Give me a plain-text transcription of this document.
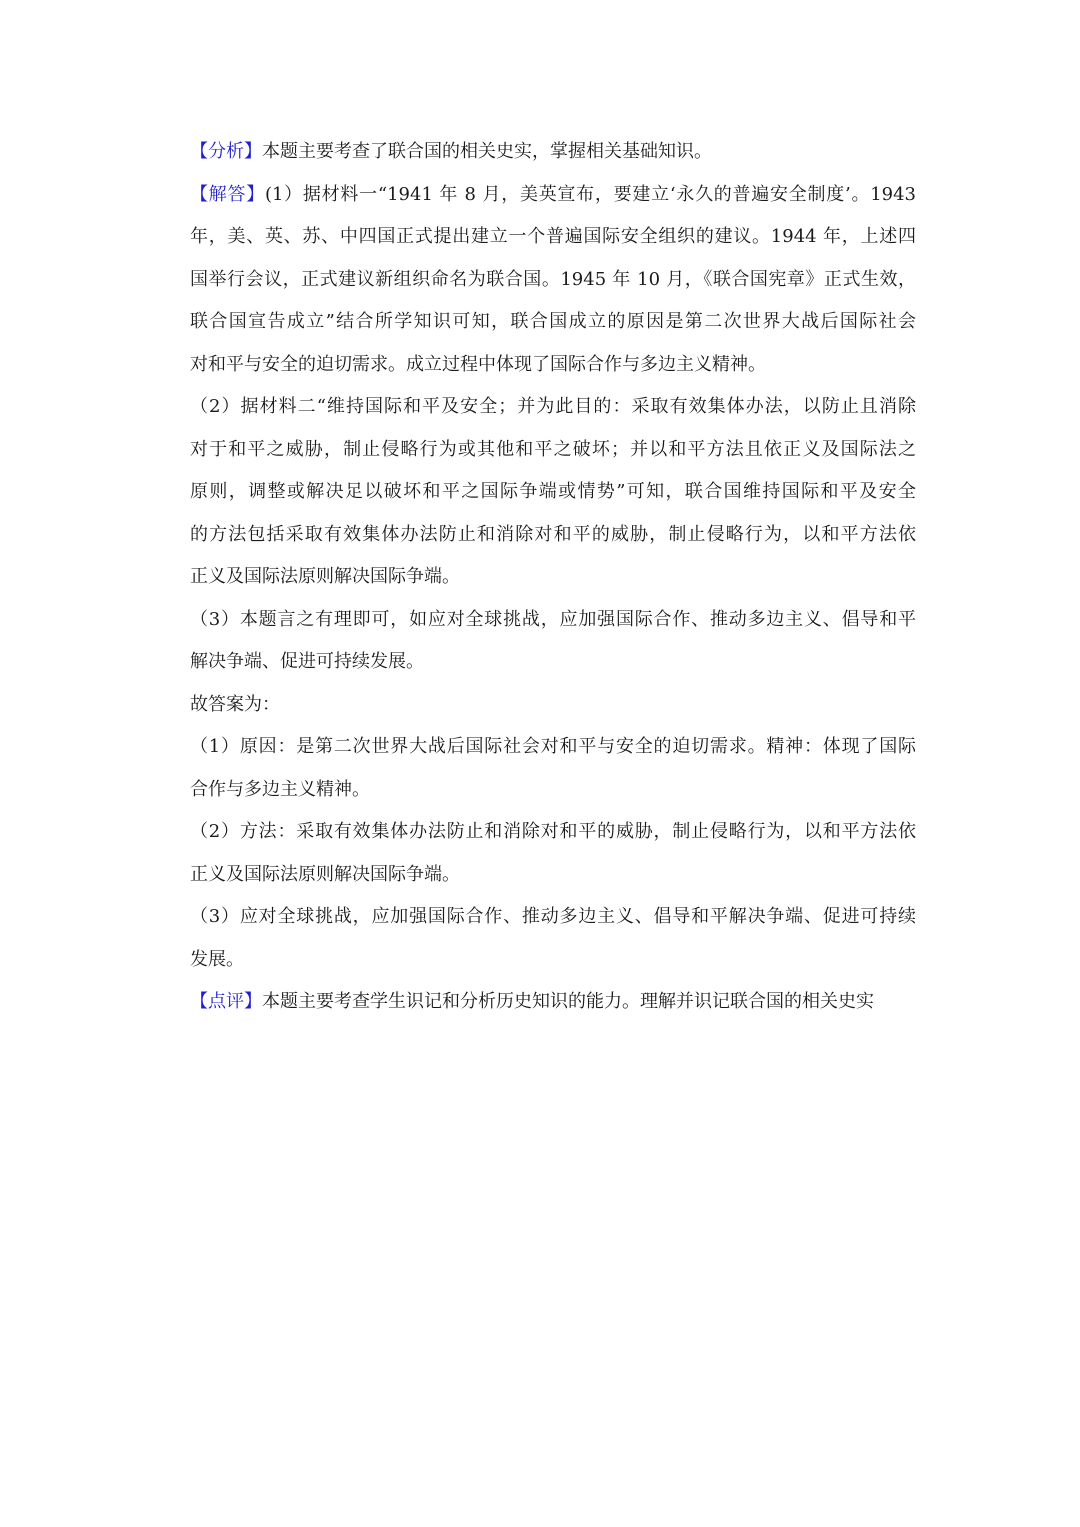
【分析】本题主要考查了联合国的相关史实，掌握相关基础知识。
【解答】(1）据材料一“1941 年 8 月，美英宣布，要建立‘永久的普遍安全制度’。1943
年，美、英、苏、中四国正式提出建立一个普遍国际安全组织的建议。1944 年，上述四
国举行会议，正式建议新组织命名为联合国。1945 年 10 月，《联合国宪章》正式生效，
联合国宣告成立”结合所学知识可知，联合国成立的原因是第二次世界大战后国际社会
对和平与安全的迫切需求。成立过程中体现了国际合作与多边主义精神。
（2）据材料二“维持国际和平及安全；并为此目的：采取有效集体办法，以防止且消除
对于和平之威胁，制止侵略行为或其他和平之破坏；并以和平方法且依正义及国际法之
原则，调整或解决足以破坏和平之国际争端或情势”可知，联合国维持国际和平及安全
的方法包括采取有效集体办法防止和消除对和平的威胁，制止侵略行为，以和平方法依
正义及国际法原则解决国际争端。
（3）本题言之有理即可，如应对全球挑战，应加强国际合作、推动多边主义、倡导和平
解决争端、促进可持续发展。
故答案为：
（1）原因：是第二次世界大战后国际社会对和平与安全的迫切需求。精神：体现了国际
合作与多边主义精神。
（2）方法：采取有效集体办法防止和消除对和平的威胁，制止侵略行为，以和平方法依
正义及国际法原则解决国际争端。
（3）应对全球挑战，应加强国际合作、推动多边主义、倡导和平解决争端、促进可持续
发展。
【点评】本题主要考查学生识记和分析历史知识的能力。理解并识记联合国的相关史实
